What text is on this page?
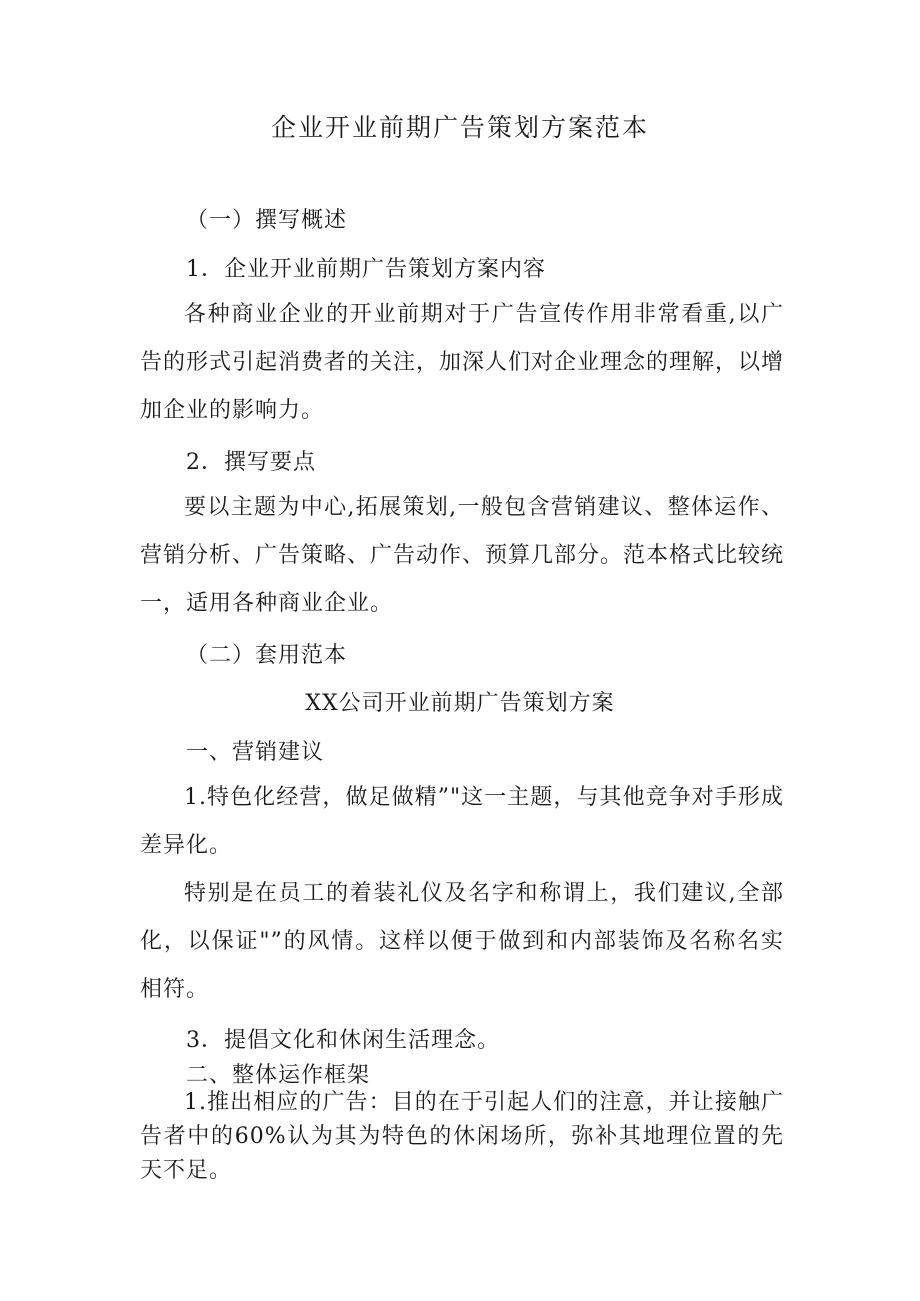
企业开业前期广告策划方案范本
（一）撰写概述
1．企业开业前期广告策划方案内容
各种商业企业的开业前期对于广告宣传作用非常看重,以广告的形式引起消费者的关注，加深人们对企业理念的理解，以增加企业的影响力。
2．撰写要点
要以主题为中心,拓展策划,一般包含营销建议、整体运作、营销分析、广告策略、广告动作、预算几部分。范本格式比较统一，适用各种商业企业。
（二）套用范本
XX公司开业前期广告策划方案
一、营销建议
1.特色化经营，做足做精”"这一主题，与其他竞争对手形成差异化。
特别是在员工的着装礼仪及名字和称谓上，我们建议,全部化，以保证"”的风情。这样以便于做到和内部装饰及名称名实相符。
3．提倡文化和休闲生活理念。
二、整体运作框架
1.推出相应的广告：目的在于引起人们的注意，并让接触广告者中的60%认为其为特色的休闲场所，弥补其地理位置的先天不足。
